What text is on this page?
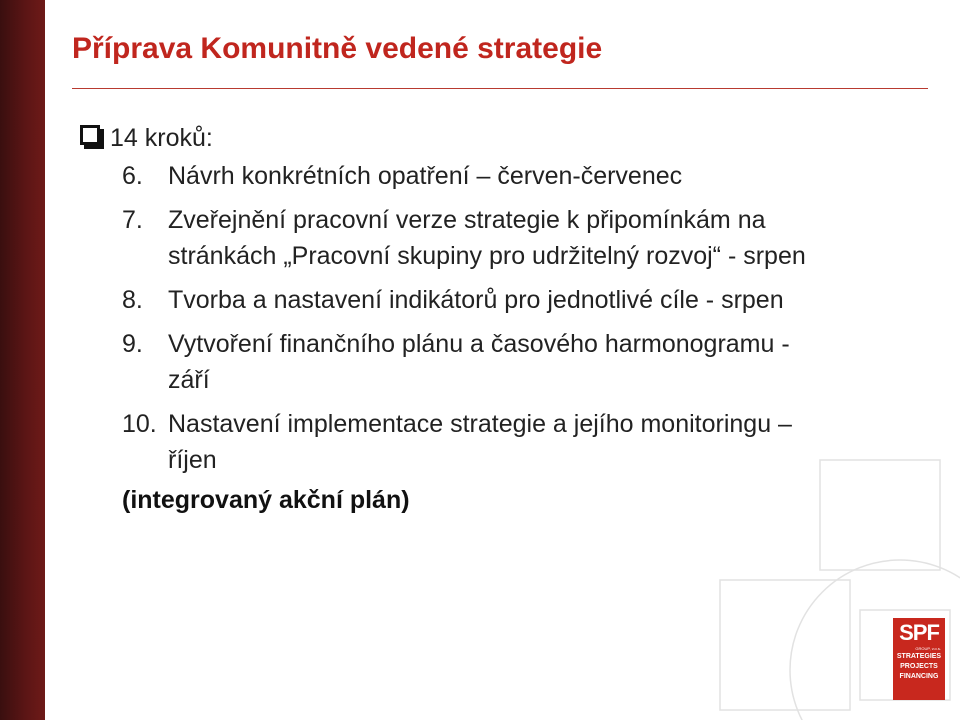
Příprava Komunitně vedené strategie
14 kroků:
6.	Návrh konkrétních opatření – červen-červenec
7.	Zveřejnění pracovní verze strategie k připomínkám na stránkách „Pracovní skupiny pro udržitelný rozvoj“ - srpen
8.	Tvorba a nastavení indikátorů pro jednotlivé cíle - srpen
9.	Vytvoření finančního plánu a časového harmonogramu - září
10. Nastavení implementace strategie a jejího monitoringu – říjen
(integrovaný akční plán)
SPF
GROUP, v.o.s.
STRATEGIES
PROJECTS
FINANCING
